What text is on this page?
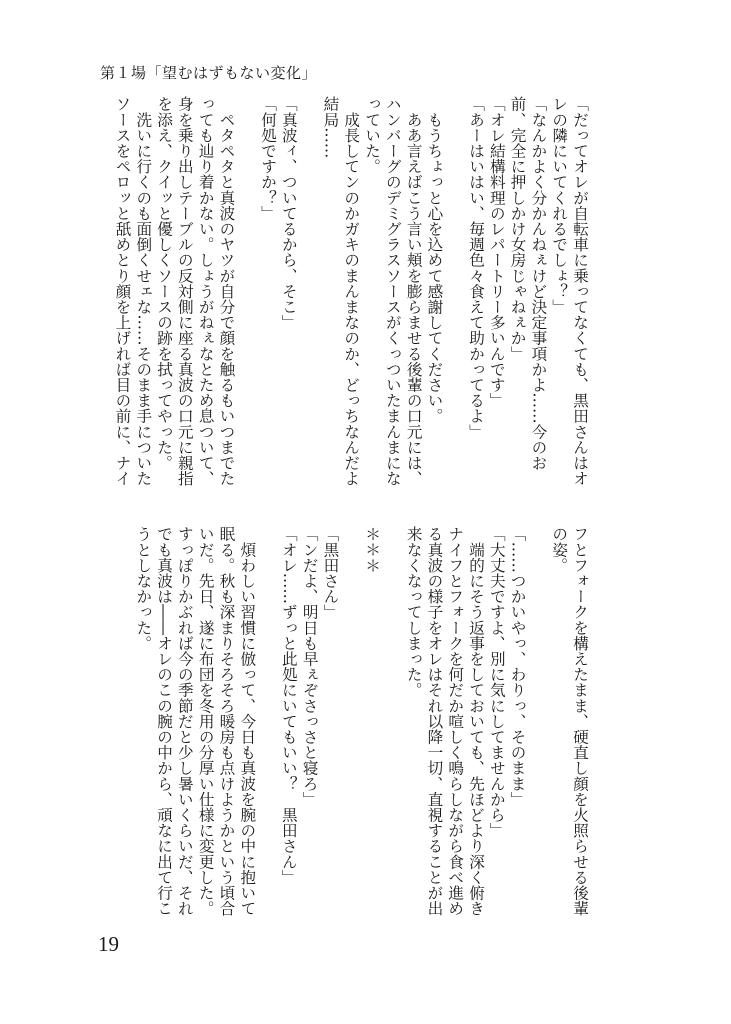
第１場「望むはずもない変化」
「だってオレが自転車に乗ってなくても、黒田さんはオ
レの隣にいてくれるでしょ？」
「なんかよく分かんねぇけど決定事項かよ……今のお
前、完全に押しかけ女房じゃねぇか」
「オレ結構料理のレパートリー多いんです」
「あーはいはい、毎週色々食えて助かってるよ」
　もうちょっと心を込めて感謝してください。
　ああ言えばこう言い頬を膨らませる後輩の口元には、
ハンバーグのデミグラスソースがくっついたまんまにな
っていた。
　成長してンのかガキのまんまなのか、どっちなんだよ
結局……
「真波ィ、ついてるから、そこ」
「何処ですか？」
　ペタペタと真波のヤツが自分で顔を触るもいつまでた
っても辿り着かない。しょうがねぇなとため息ついて、
身を乗り出しテーブルの反対側に座る真波の口元に親指
を添え、クイッと優しくソースの跡を拭ってやった。
　洗いに行くのも面倒くせェな……そのまま手についた
ソースをペロッと舐めとり顔を上げれば目の前に、ナイ
フとフォークを構えたまま、硬直し顔を火照らせる後輩
の姿。
「……つかいやっ、わりっ、そのまま」
「大丈夫ですよ、別に気にしてませんから」
　端的にそう返事をしておいても、先ほどより深く俯き
ナイフとフォークを何だか喧しく鳴らしながら食べ進め
る真波の様子をオレはそれ以降一切、直視することが出
来なくなってしまった。
＊＊＊
「黒田さん」
「ンだよ、明日も早ぇぞさっさと寝ろ」
「オレ……ずっと此処にいてもいい？　黒田さん」
　煩わしい習慣に倣って、今日も真波を腕の中に抱いて
眠る。秋も深まりそろそろ暖房も点けようかという頃合
いだ。先日、遂に布団を冬用の分厚い仕様に変更した。
すっぽりかぶれば今の季節だと少し暑いくらいだ、それ
でも真波は――オレのこの腕の中から、頑なに出て行こ
うとしなかった。
19
